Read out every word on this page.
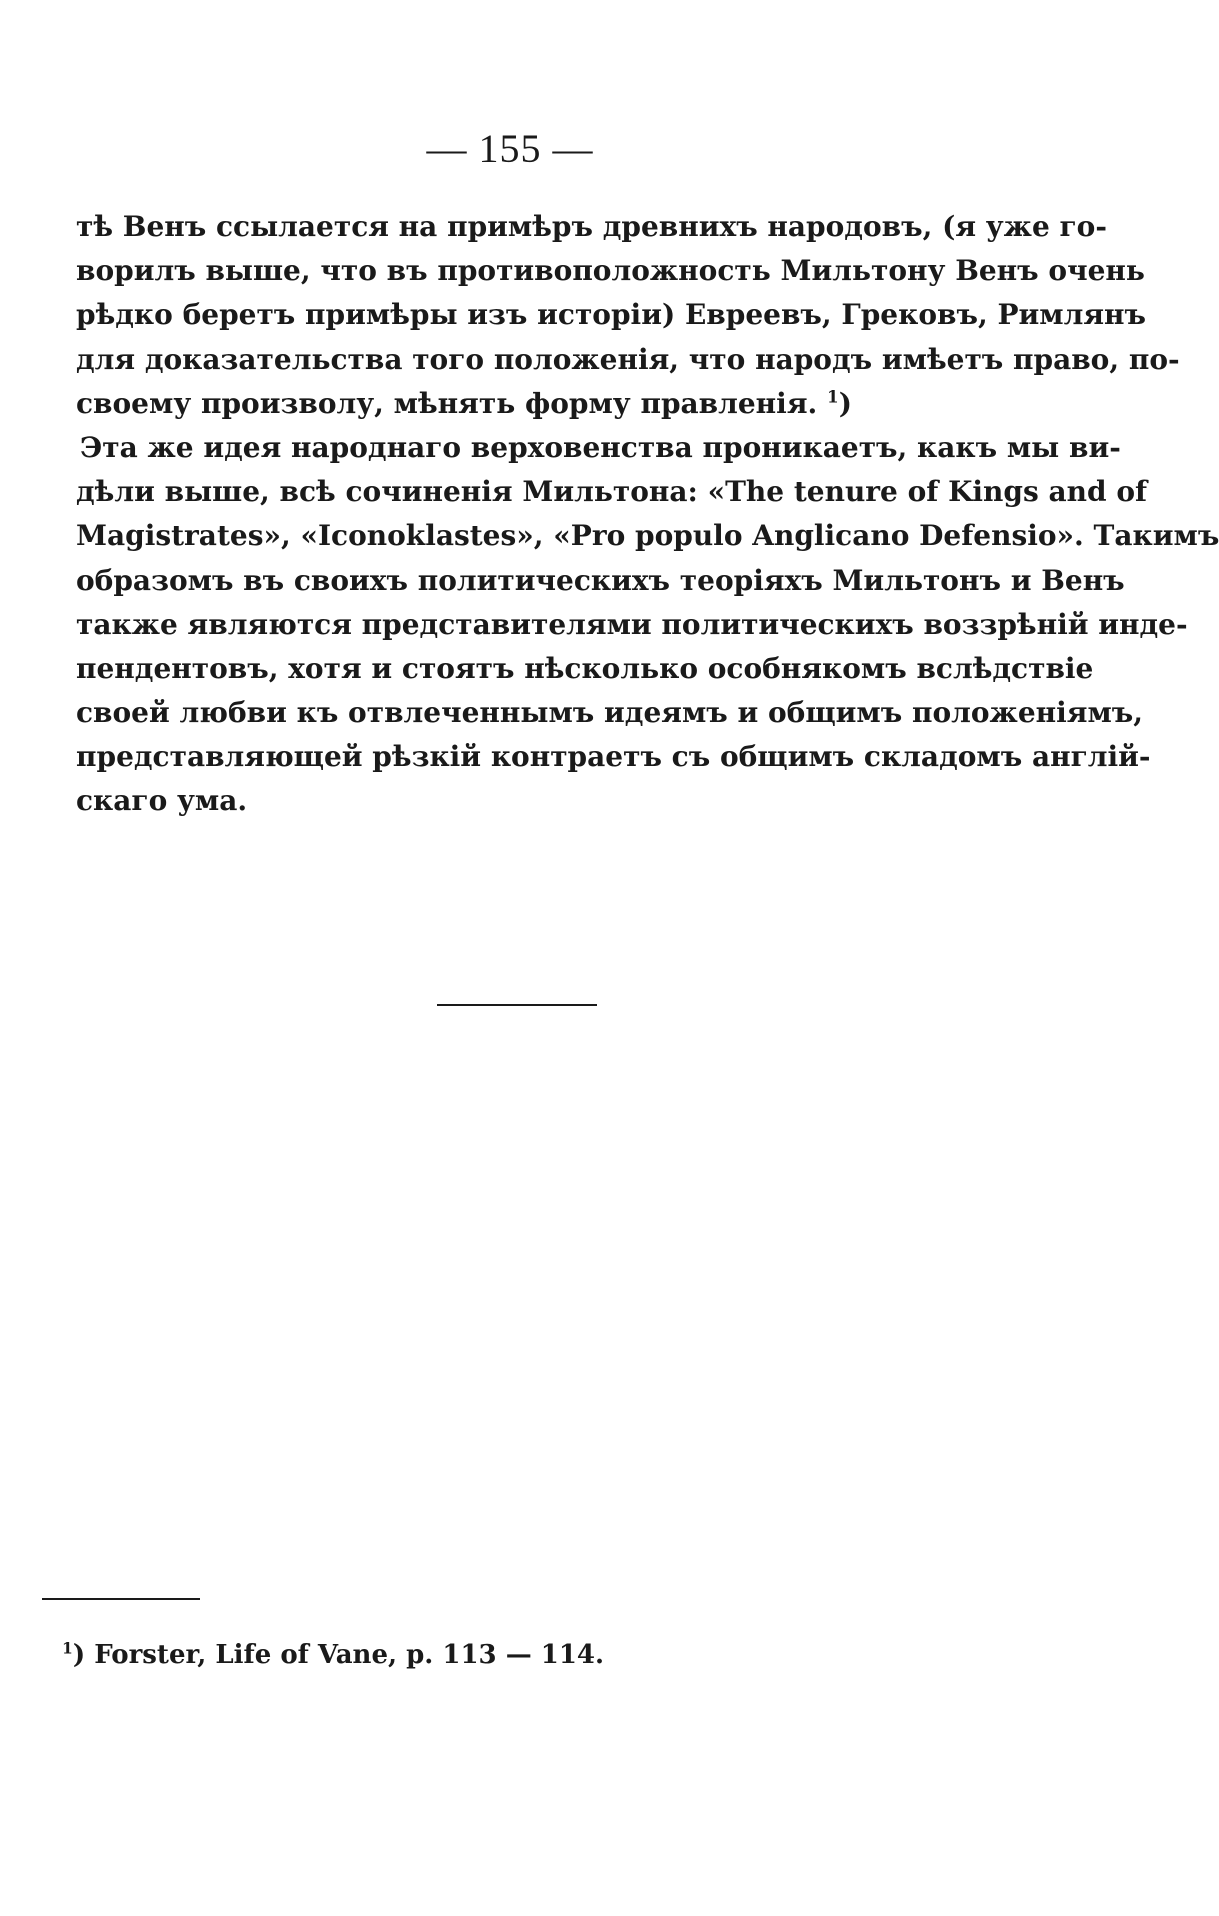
— 155 —
тѣ Венъ ссылается на примѣръ древнихъ народовъ, (я уже го-
ворилъ выше, что въ противоположность Мильтону Венъ очень
рѣдко беретъ примѣры изъ исторіи) Евреевъ, Грековъ, Римлянъ
для доказательства того положенія, что народъ имѣетъ право, по-
своему произволу, мѣнять форму правленія. $^1$)
Эта же идея народнаго верховенства проникаетъ, какъ мы ви-
дѣли выше, всѣ сочиненія Мильтона: «The tenure of Kings and of
Magistrates», «Iconoklastes», «Pro populo Anglicano Defensio». Такимъ
образомъ въ своихъ политическихъ теоріяхъ Мильтонъ и Венъ
также являются представителями политическихъ воззрѣній инде-
пендентовъ, хотя и стоятъ нѣсколько особнякомъ вслѣдствіе
своей любви къ отвлеченнымъ идеямъ и общимъ положеніямъ,
представляющей рѣзкій контраетъ съ общимъ складомъ англій-
скаго ума.
$^1$) Forster, Life of Vane, p. 113 — 114.
